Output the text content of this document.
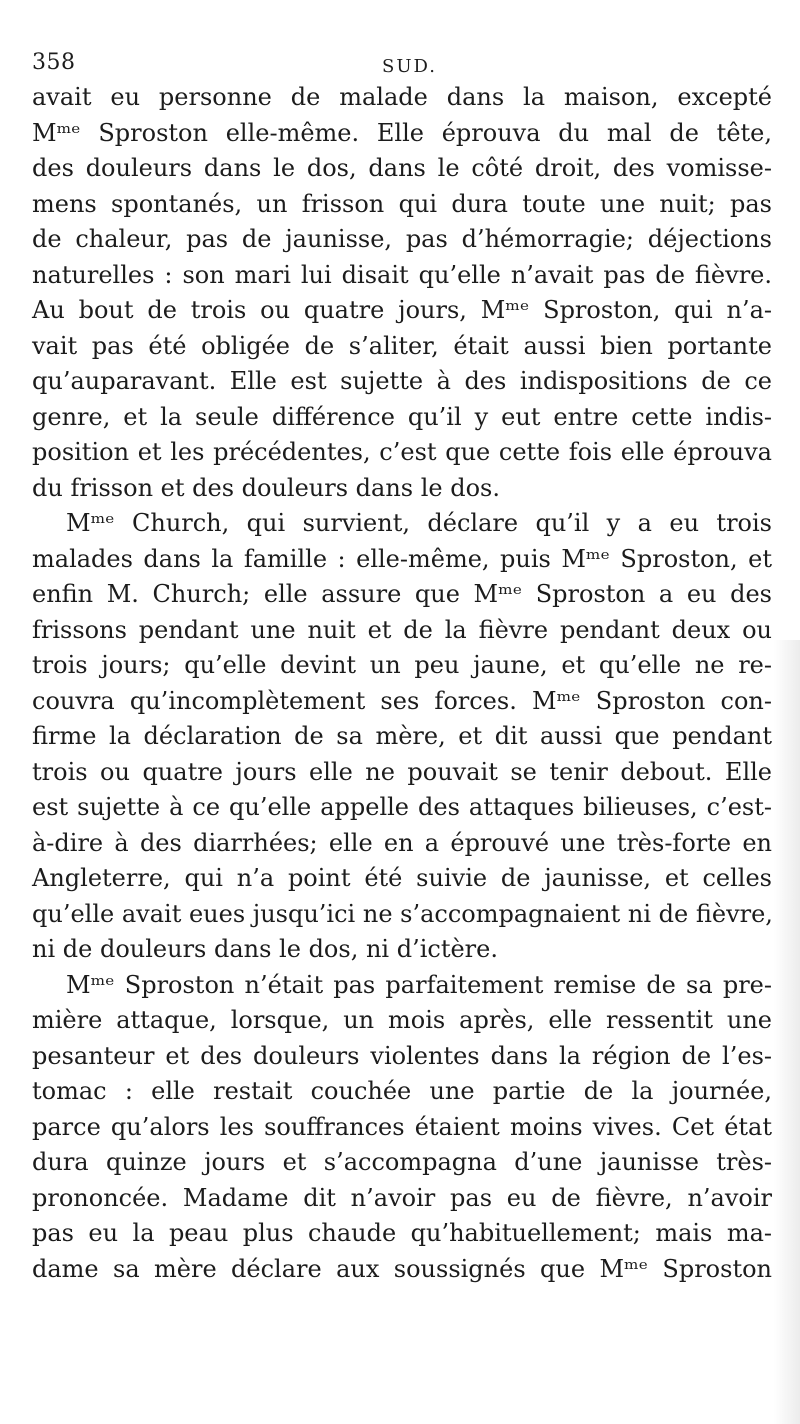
358	SUD.
avait eu personne de malade dans la maison, excepté
Mᵐᵉ Sproston elle-même. Elle éprouva du mal de tête,
des douleurs dans le dos, dans le côté droit, des vomisse-
mens spontanés, un frisson qui dura toute une nuit; pas
de chaleur, pas de jaunisse, pas d’hémorragie; déjections
naturelles : son mari lui disait qu’elle n’avait pas de fièvre.
Au bout de trois ou quatre jours, Mᵐᵉ Sproston, qui n’a-
vait pas été obligée de s’aliter, était aussi bien portante
qu’auparavant. Elle est sujette à des indispositions de ce
genre, et la seule différence qu’il y eut entre cette indis-
position et les précédentes, c’est que cette fois elle éprouva
du frisson et des douleurs dans le dos.
Mᵐᵉ Church, qui survient, déclare qu’il y a eu trois
malades dans la famille : elle-même, puis Mᵐᵉ Sproston, et
enfin M. Church; elle assure que Mᵐᵉ Sproston a eu des
frissons pendant une nuit et de la fièvre pendant deux ou
trois jours; qu’elle devint un peu jaune, et qu’elle ne re-
couvra qu’incomplètement ses forces. Mᵐᵉ Sproston con-
firme la déclaration de sa mère, et dit aussi que pendant
trois ou quatre jours elle ne pouvait se tenir debout. Elle
est sujette à ce qu’elle appelle des attaques bilieuses, c’est-
à-dire à des diarrhées; elle en a éprouvé une très-forte en
Angleterre, qui n’a point été suivie de jaunisse, et celles
qu’elle avait eues jusqu’ici ne s’accompagnaient ni de fièvre,
ni de douleurs dans le dos, ni d’ictère.
Mᵐᵉ Sproston n’était pas parfaitement remise de sa pre-
mière attaque, lorsque, un mois après, elle ressentit une
pesanteur et des douleurs violentes dans la région de l’es-
tomac : elle restait couchée une partie de la journée,
parce qu’alors les souffrances étaient moins vives. Cet état
dura quinze jours et s’accompagna d’une jaunisse très-
prononcée. Madame dit n’avoir pas eu de fièvre, n’avoir
pas eu la peau plus chaude qu’habituellement; mais ma-
dame sa mère déclare aux soussignés que Mᵐᵉ Sproston
